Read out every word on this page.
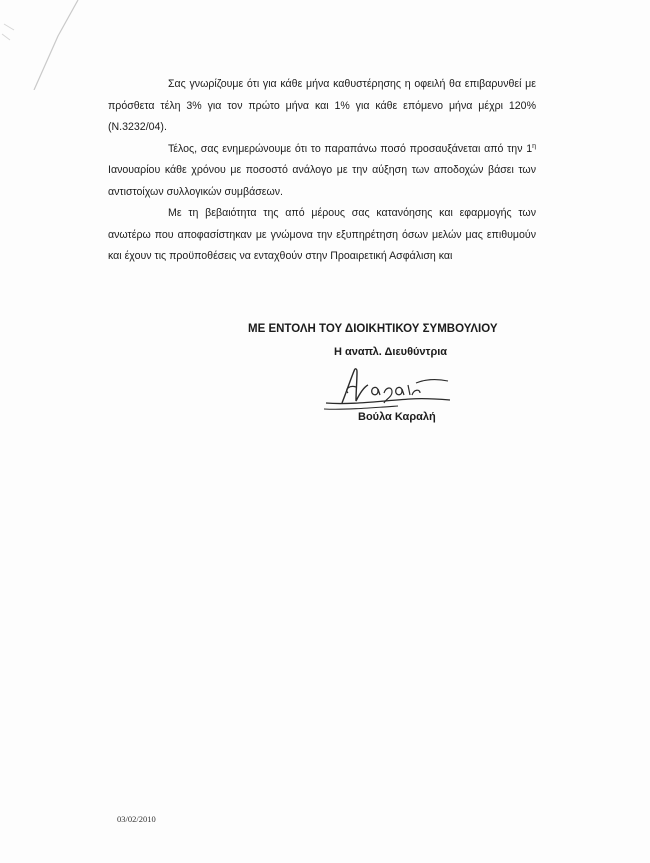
Σας γνωρίζουμε ότι για κάθε μήνα καθυστέρησης η οφειλή θα επιβαρυνθεί με πρόσθετα τέλη 3% για τον πρώτο μήνα και 1% για κάθε επόμενο μήνα μέχρι 120% (Ν.3232/04).

Τέλος, σας ενημερώνουμε ότι το παραπάνω ποσό προσαυξάνεται από την $1^\eta$ Ιανουαρίου κάθε χρόνου με ποσοστό ανάλογο με την αύξηση των αποδοχών βάσει των αντιστοίχων συλλογικών συμβάσεων.

Με τη βεβαιότητα της από μέρους σας κατανόησης και εφαρμογής των ανωτέρω που αποφασίστηκαν με γνώμονα την εξυπηρέτηση όσων μελών μας επιθυμούν και έχουν τις προϋποθέσεις να ενταχθούν στην Προαιρετική Ασφάλιση και

ΜΕ ΕΝΤΟΛΗ ΤΟΥ ΔΙΟΙΚΗΤΙΚΟΥ ΣΥΜΒΟΥΛΙΟΥ
Η αναπλ. Διευθύντρια
Βούλα Καραλή
03/02/2010
